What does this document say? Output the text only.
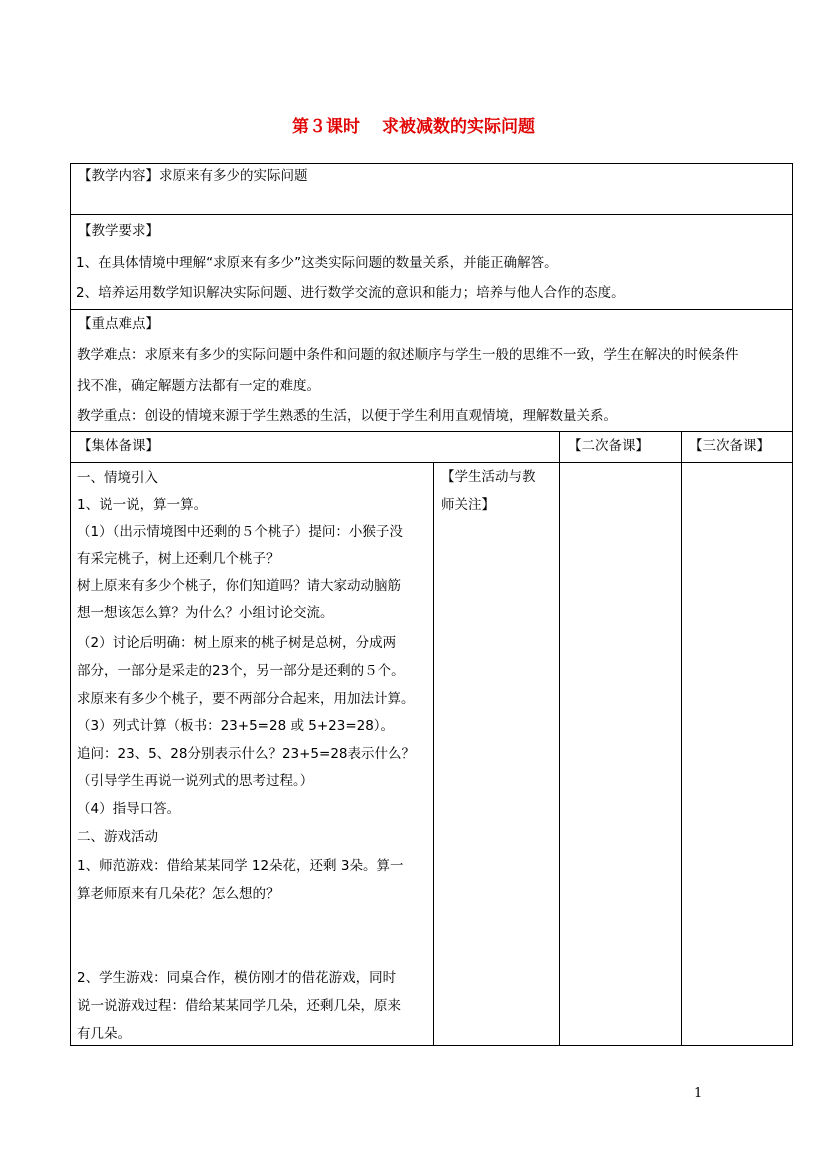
第３课时 求被减数的实际问题
【教学内容】求原来有多少的实际问题
【教学要求】
1、在具体情境中理解“求原来有多少”这类实际问题的数量关系，并能正确解答。
2、培养运用数学知识解决实际问题、进行数学交流的意识和能力；培养与他人合作的态度。
【重点难点】
教学难点：求原来有多少的实际问题中条件和问题的叙述顺序与学生一般的思维不一致，学生在解决的时候条件
找不准，确定解题方法都有一定的难度。
教学重点：创设的情境来源于学生熟悉的生活，以便于学生利用直观情境，理解数量关系。
【集体备课】	【二次备课】	【三次备课】
【学生活动与教
师关注】
一、情境引入
1、说一说，算一算。
（1）（出示情境图中还剩的５个桃子）提问：小猴子没
有采完桃子，树上还剩几个桃子？
树上原来有多少个桃子，你们知道吗？请大家动动脑筋
想一想该怎么算？为什么？小组讨论交流。
（2）讨论后明确：树上原来的桃子树是总树，分成两
部分，一部分是采走的23个，另一部分是还剩的５个。
求原来有多少个桃子，要不两部分合起来，用加法计算。
（3）列式计算（板书：23+5=28 或 5+23=28）。
追问：23、5、28分别表示什么？23+5=28表示什么？
（引导学生再说一说列式的思考过程。）
（4）指导口答。
二、游戏活动
1、师范游戏：借给某某同学 12朵花，还剩 3朵。算一
算老师原来有几朵花？怎么想的？
2、学生游戏：同桌合作，模仿刚才的借花游戏，同时
说一说游戏过程：借给某某同学几朵，还剩几朵，原来
有几朵。
1
